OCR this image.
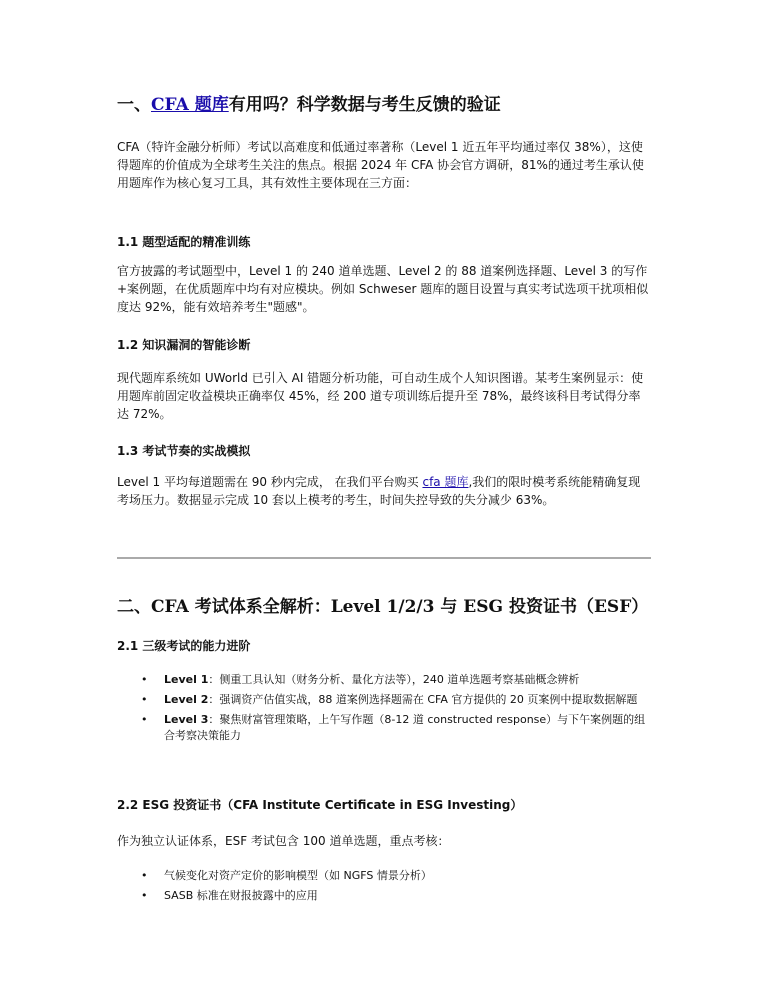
一、CFA 题库有用吗？科学数据与考生反馈的验证

CFA（特许金融分析师）考试以高难度和低通过率著称（Level 1 近五年平均通过率仅 38%），这使得题库的价值成为全球考生关注的焦点。根据 2024 年 CFA 协会官方调研，81%的通过考生承认使用题库作为核心复习工具，其有效性主要体现在三方面：

1.1 题型适配的精准训练

官方披露的考试题型中，Level 1 的 240 道单选题、Level 2 的 88 道案例选择题、Level 3 的写作+案例题，在优质题库中均有对应模块。例如 Schweser 题库的题目设置与真实考试选项干扰项相似度达 92%，能有效培养考生"题感"。

1.2 知识漏洞的智能诊断

现代题库系统如 UWorld 已引入 AI 错题分析功能，可自动生成个人知识图谱。某考生案例显示：使用题库前固定收益模块正确率仅 45%，经 200 道专项训练后提升至 78%，最终该科目考试得分率达 72%。

1.3 考试节奏的实战模拟

Level 1 平均每道题需在 90 秒内完成， 在我们平台购买 cfa 题库,我们的限时模考系统能精确复现考场压力。数据显示完成 10 套以上模考的考生，时间失控导致的失分减少 63%。

二、CFA 考试体系全解析：Level 1/2/3 与 ESG 投资证书（ESF）
2.1 三级考试的能力进阶
• Level 1：侧重工具认知（财务分析、量化方法等），240 道单选题考察基础概念辨析
• Level 2：强调资产估值实战，88 道案例选择题需在 CFA 官方提供的 20 页案例中提取数据解题
• Level 3：聚焦财富管理策略，上午写作题（8-12 道 constructed response）与下午案例题的组合考察决策能力
2.2 ESG 投资证书（CFA Institute Certificate in ESG Investing）

作为独立认证体系，ESF 考试包含 100 道单选题，重点考核：

• 气候变化对资产定价的影响模型（如 NGFS 情景分析）
• SASB 标准在财报披露中的应用
